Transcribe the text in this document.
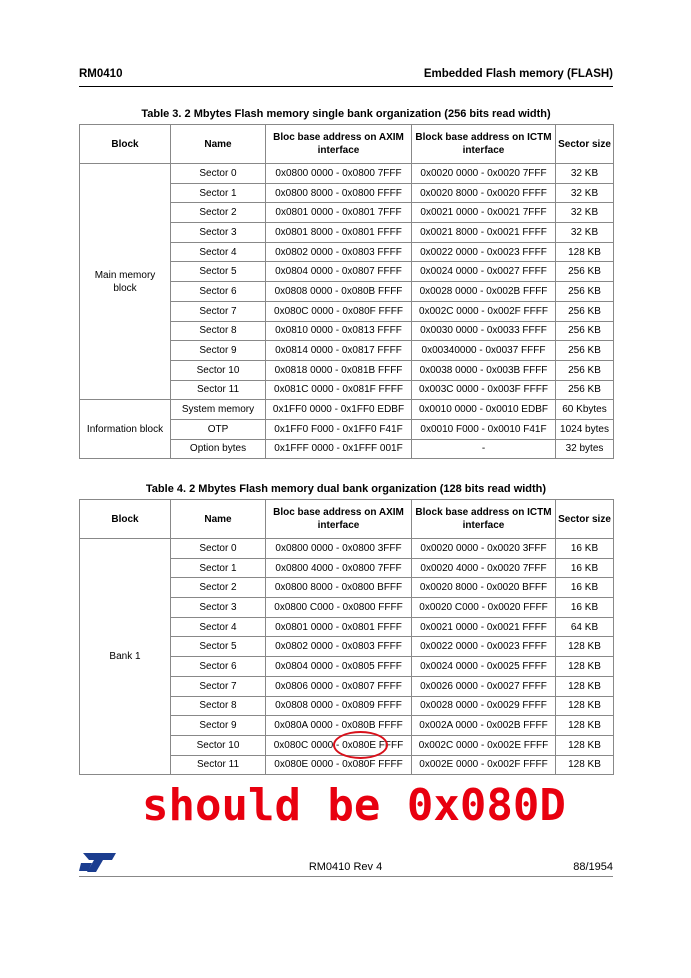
RM0410	Embedded Flash memory (FLASH)
Table 3. 2 Mbytes Flash memory single bank organization (256 bits read width)
Block	Name	Bloc base address on AXIM interface	Block base address on ICTM interface	Sector size
Main memory block	Sector 0	0x0800 0000 - 0x0800 7FFF	0x0020 0000 - 0x0020 7FFF	32 KB
	Sector 1	0x0800 8000 - 0x0800 FFFF	0x0020 8000 - 0x0020 FFFF	32 KB
	Sector 2	0x0801 0000 - 0x0801 7FFF	0x0021 0000 - 0x0021 7FFF	32 KB
	Sector 3	0x0801 8000 - 0x0801 FFFF	0x0021 8000 - 0x0021 FFFF	32 KB
	Sector 4	0x0802 0000 - 0x0803 FFFF	0x0022 0000 - 0x0023 FFFF	128 KB
	Sector 5	0x0804 0000 - 0x0807 FFFF	0x0024 0000 - 0x0027 FFFF	256 KB
	Sector 6	0x0808 0000 - 0x080B FFFF	0x0028 0000 - 0x002B FFFF	256 KB
	Sector 7	0x080C 0000 - 0x080F FFFF	0x002C 0000 - 0x002F FFFF	256 KB
	Sector 8	0x0810 0000 - 0x0813 FFFF	0x0030 0000 - 0x0033 FFFF	256 KB
	Sector 9	0x0814 0000 - 0x0817 FFFF	0x00340000 - 0x0037 FFFF	256 KB
	Sector 10	0x0818 0000 - 0x081B FFFF	0x0038 0000 - 0x003B FFFF	256 KB
	Sector 11	0x081C 0000 - 0x081F FFFF	0x003C 0000 - 0x003F FFFF	256 KB
Information block	System memory	0x1FF0 0000 - 0x1FF0 EDBF	0x0010 0000 - 0x0010 EDBF	60 Kbytes
	OTP	0x1FF0 F000 - 0x1FF0 F41F	0x0010 F000 - 0x0010 F41F	1024 bytes
	Option bytes	0x1FFF 0000 - 0x1FFF 001F	-	32 bytes
Table 4. 2 Mbytes Flash memory dual bank organization (128 bits read width)
Block	Name	Bloc base address on AXIM interface	Block base address on ICTM interface	Sector size
Bank 1	Sector 0	0x0800 0000 - 0x0800 3FFF	0x0020 0000 - 0x0020 3FFF	16 KB
	Sector 1	0x0800 4000 - 0x0800 7FFF	0x0020 4000 - 0x0020 7FFF	16 KB
	Sector 2	0x0800 8000 - 0x0800 BFFF	0x0020 8000 - 0x0020 BFFF	16 KB
	Sector 3	0x0800 C000 - 0x0800 FFFF	0x0020 C000 - 0x0020 FFFF	16 KB
	Sector 4	0x0801 0000 - 0x0801 FFFF	0x0021 0000 - 0x0021 FFFF	64 KB
	Sector 5	0x0802 0000 - 0x0803 FFFF	0x0022 0000 - 0x0023 FFFF	128 KB
	Sector 6	0x0804 0000 - 0x0805 FFFF	0x0024 0000 - 0x0025 FFFF	128 KB
	Sector 7	0x0806 0000 - 0x0807 FFFF	0x0026 0000 - 0x0027 FFFF	128 KB
	Sector 8	0x0808 0000 - 0x0809 FFFF	0x0028 0000 - 0x0029 FFFF	128 KB
	Sector 9	0x080A 0000 - 0x080B FFFF	0x002A 0000 - 0x002B FFFF	128 KB
	Sector 10	0x080C 0000 - 0x080E FFFF	0x002C 0000 - 0x002E FFFF	128 KB
	Sector 11	0x080E 0000 - 0x080F FFFF	0x002E 0000 - 0x002F FFFF	128 KB
should be 0x080D
RM0410 Rev 4	88/1954
